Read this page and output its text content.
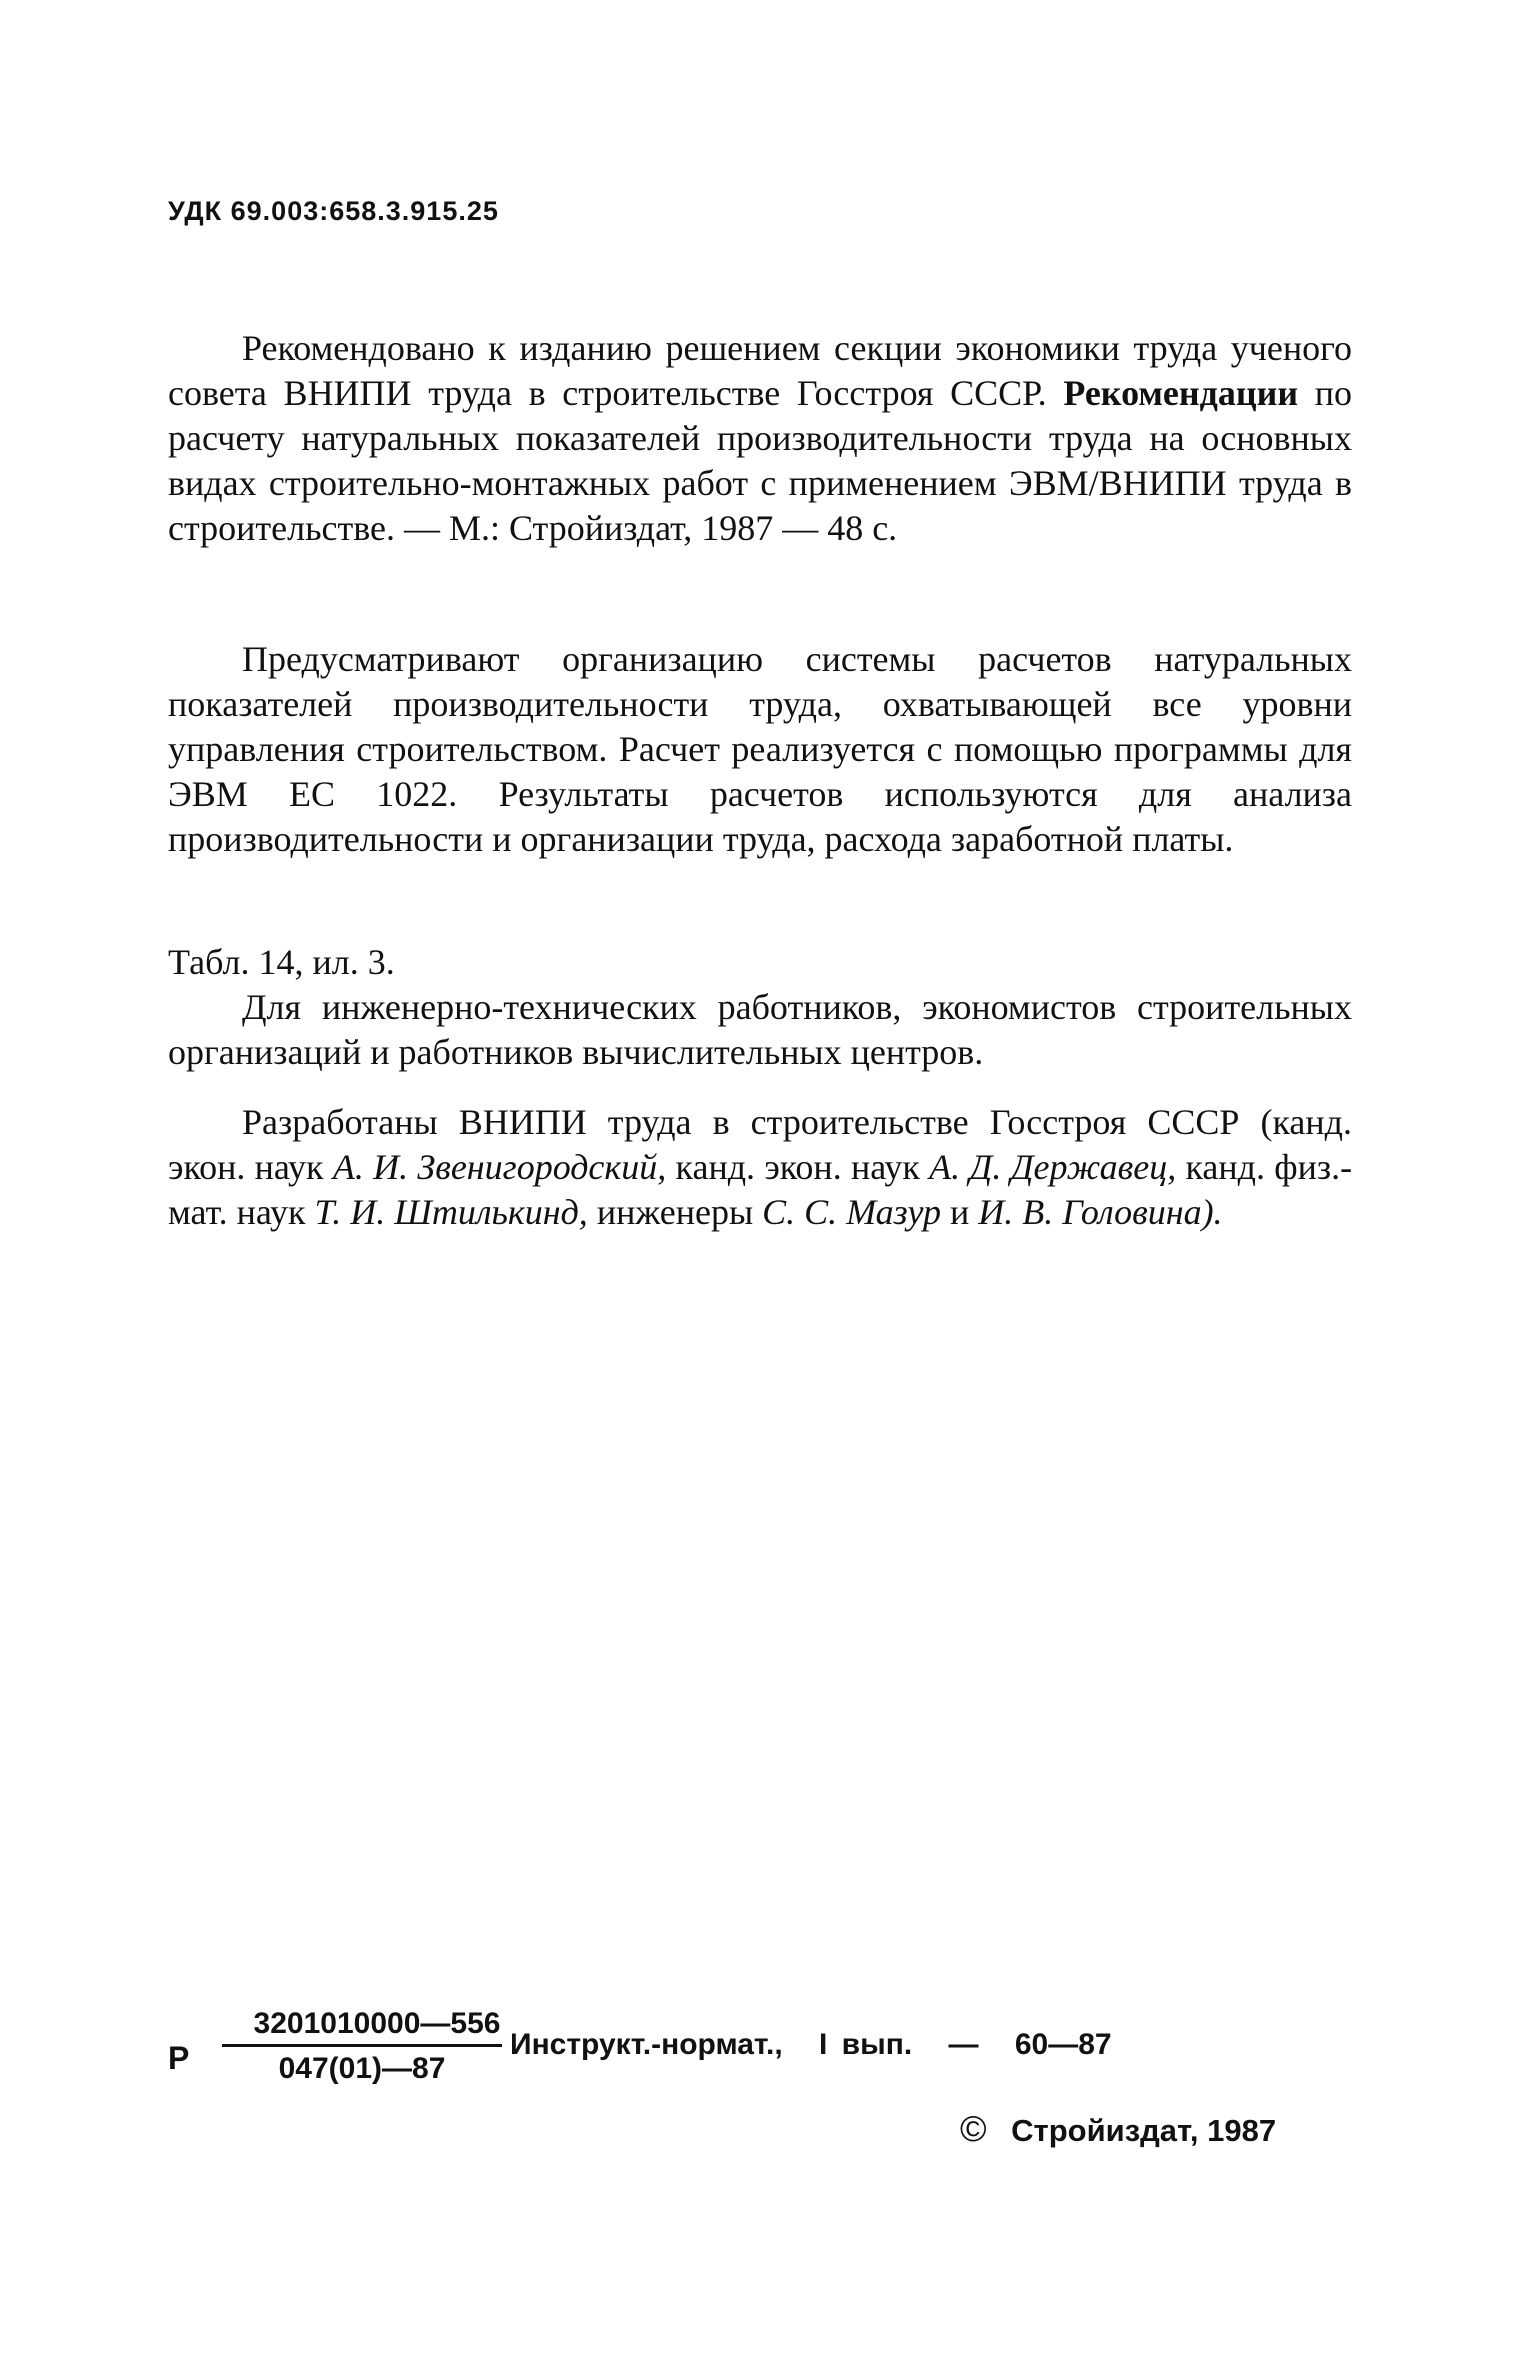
УДК 69.003:658.3.915.25
Рекомендовано к изданию решением секции экономики труда ученого совета ВНИПИ труда в строительстве Госстроя СССР. Рекомендации по расчету натуральных показателей производительности труда на основных видах строительно-монтажных работ с применением ЭВМ/ВНИПИ труда в строительстве. — М.: Стройиздат, 1987 — 48 с.
Предусматривают организацию системы расчетов натуральных показателей производительности труда, охватывающей все уровни управления строительством. Расчет реализуется с помощью программы для ЭВМ ЕС 1022. Результаты расчетов используются для анализа производительности и организации труда, расхода заработной платы.
Табл. 14, ил. 3.
Для инженерно-технических работников, экономистов строительных организаций и работников вычислительных центров.
Разработаны ВНИПИ труда в строительстве Госстроя СССР (канд. экон. наук А. И. Звенигородский, канд. экон. наук А. Д. Державец, канд. физ.-мат. наук Т. И. Штилькинд, инженеры С. С. Мазур и И. В. Головина).
Р
3201010000—556
047(01)—87
Инструкт.-нормат., I вып. — 60—87
© Стройиздат, 1987
